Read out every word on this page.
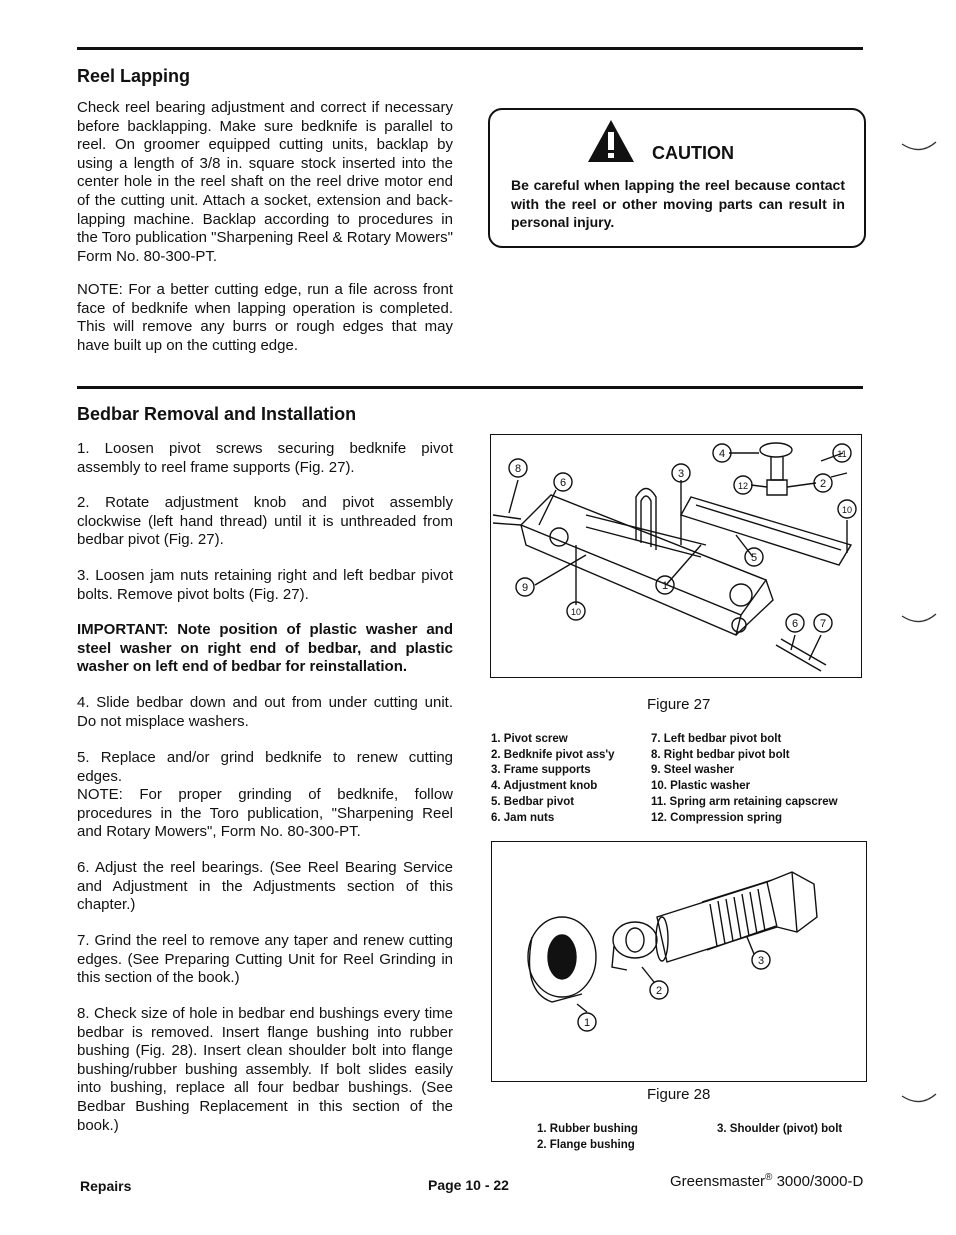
Reel Lapping

Check reel bearing adjustment and correct if necessary before backlapping. Make sure bedknife is parallel to reel. On groomer equipped cutting units, backlap by using a length of 3/8 in. square stock inserted into the center hole in the reel shaft on the reel drive motor end of the cutting unit. Attach a socket, extension and back-lapping machine. Backlap according to procedures in the Toro publication "Sharpening Reel & Rotary Mowers" Form No. 80-300-PT.

NOTE: For a better cutting edge, run a file across front face of bedknife when lapping operation is completed. This will remove any burrs or rough edges that may have built up on the cutting edge.

CAUTION

Be careful when lapping the reel because contact with the reel or other moving parts can result in personal injury.

Bedbar Removal and Installation

1. Loosen pivot screws securing bedknife pivot assembly to reel frame supports (Fig. 27).

2. Rotate adjustment knob and pivot assembly clockwise (left hand thread) until it is unthreaded from bedbar pivot (Fig. 27).

3. Loosen jam nuts retaining right and left bedbar pivot bolts. Remove pivot bolts (Fig. 27).

IMPORTANT: Note position of plastic washer and steel washer on right end of bedbar, and plastic washer on left end of bedbar for reinstallation.

4. Slide bedbar down and out from under cutting unit. Do not misplace washers.

5. Replace and/or grind bedknife to renew cutting edges.

NOTE: For proper grinding of bedknife, follow procedures in the Toro publication, "Sharpening Reel and Rotary Mowers", Form No. 80-300-PT.

6. Adjust the reel bearings. (See Reel Bearing Service and Adjustment in the Adjustments section of this chapter.)

7. Grind the reel to remove any taper and renew cutting edges. (See Preparing Cutting Unit for Reel Grinding in this section of the book.)

8. Check size of hole in bedbar end bushings every time bedbar is removed. Insert flange bushing into rubber bushing (Fig. 28). Insert clean shoulder bolt into flange bushing/rubber bushing assembly. If bolt slides easily into bushing, replace all four bedbar bushings. (See Bedbar Bushing Replacement in this section of the book.)

8
6
3
4	11
12	2
10
5
9	1
10
6 7
Figure 27
1. Pivot screw
2. Bedknife pivot ass'y
3. Frame supports
4. Adjustment knob
5. Bedbar pivot
6. Jam nuts
7. Left bedbar pivot bolt
8. Right bedbar pivot bolt
9. Steel washer
10. Plastic washer
11. Spring arm retaining capscrew
12. Compression spring
1
2
3
Figure 28
1. Rubber bushing
2. Flange bushing
3. Shoulder (pivot) bolt
Repairs	Page 10 - 22	Greensmaster® 3000/3000-D
